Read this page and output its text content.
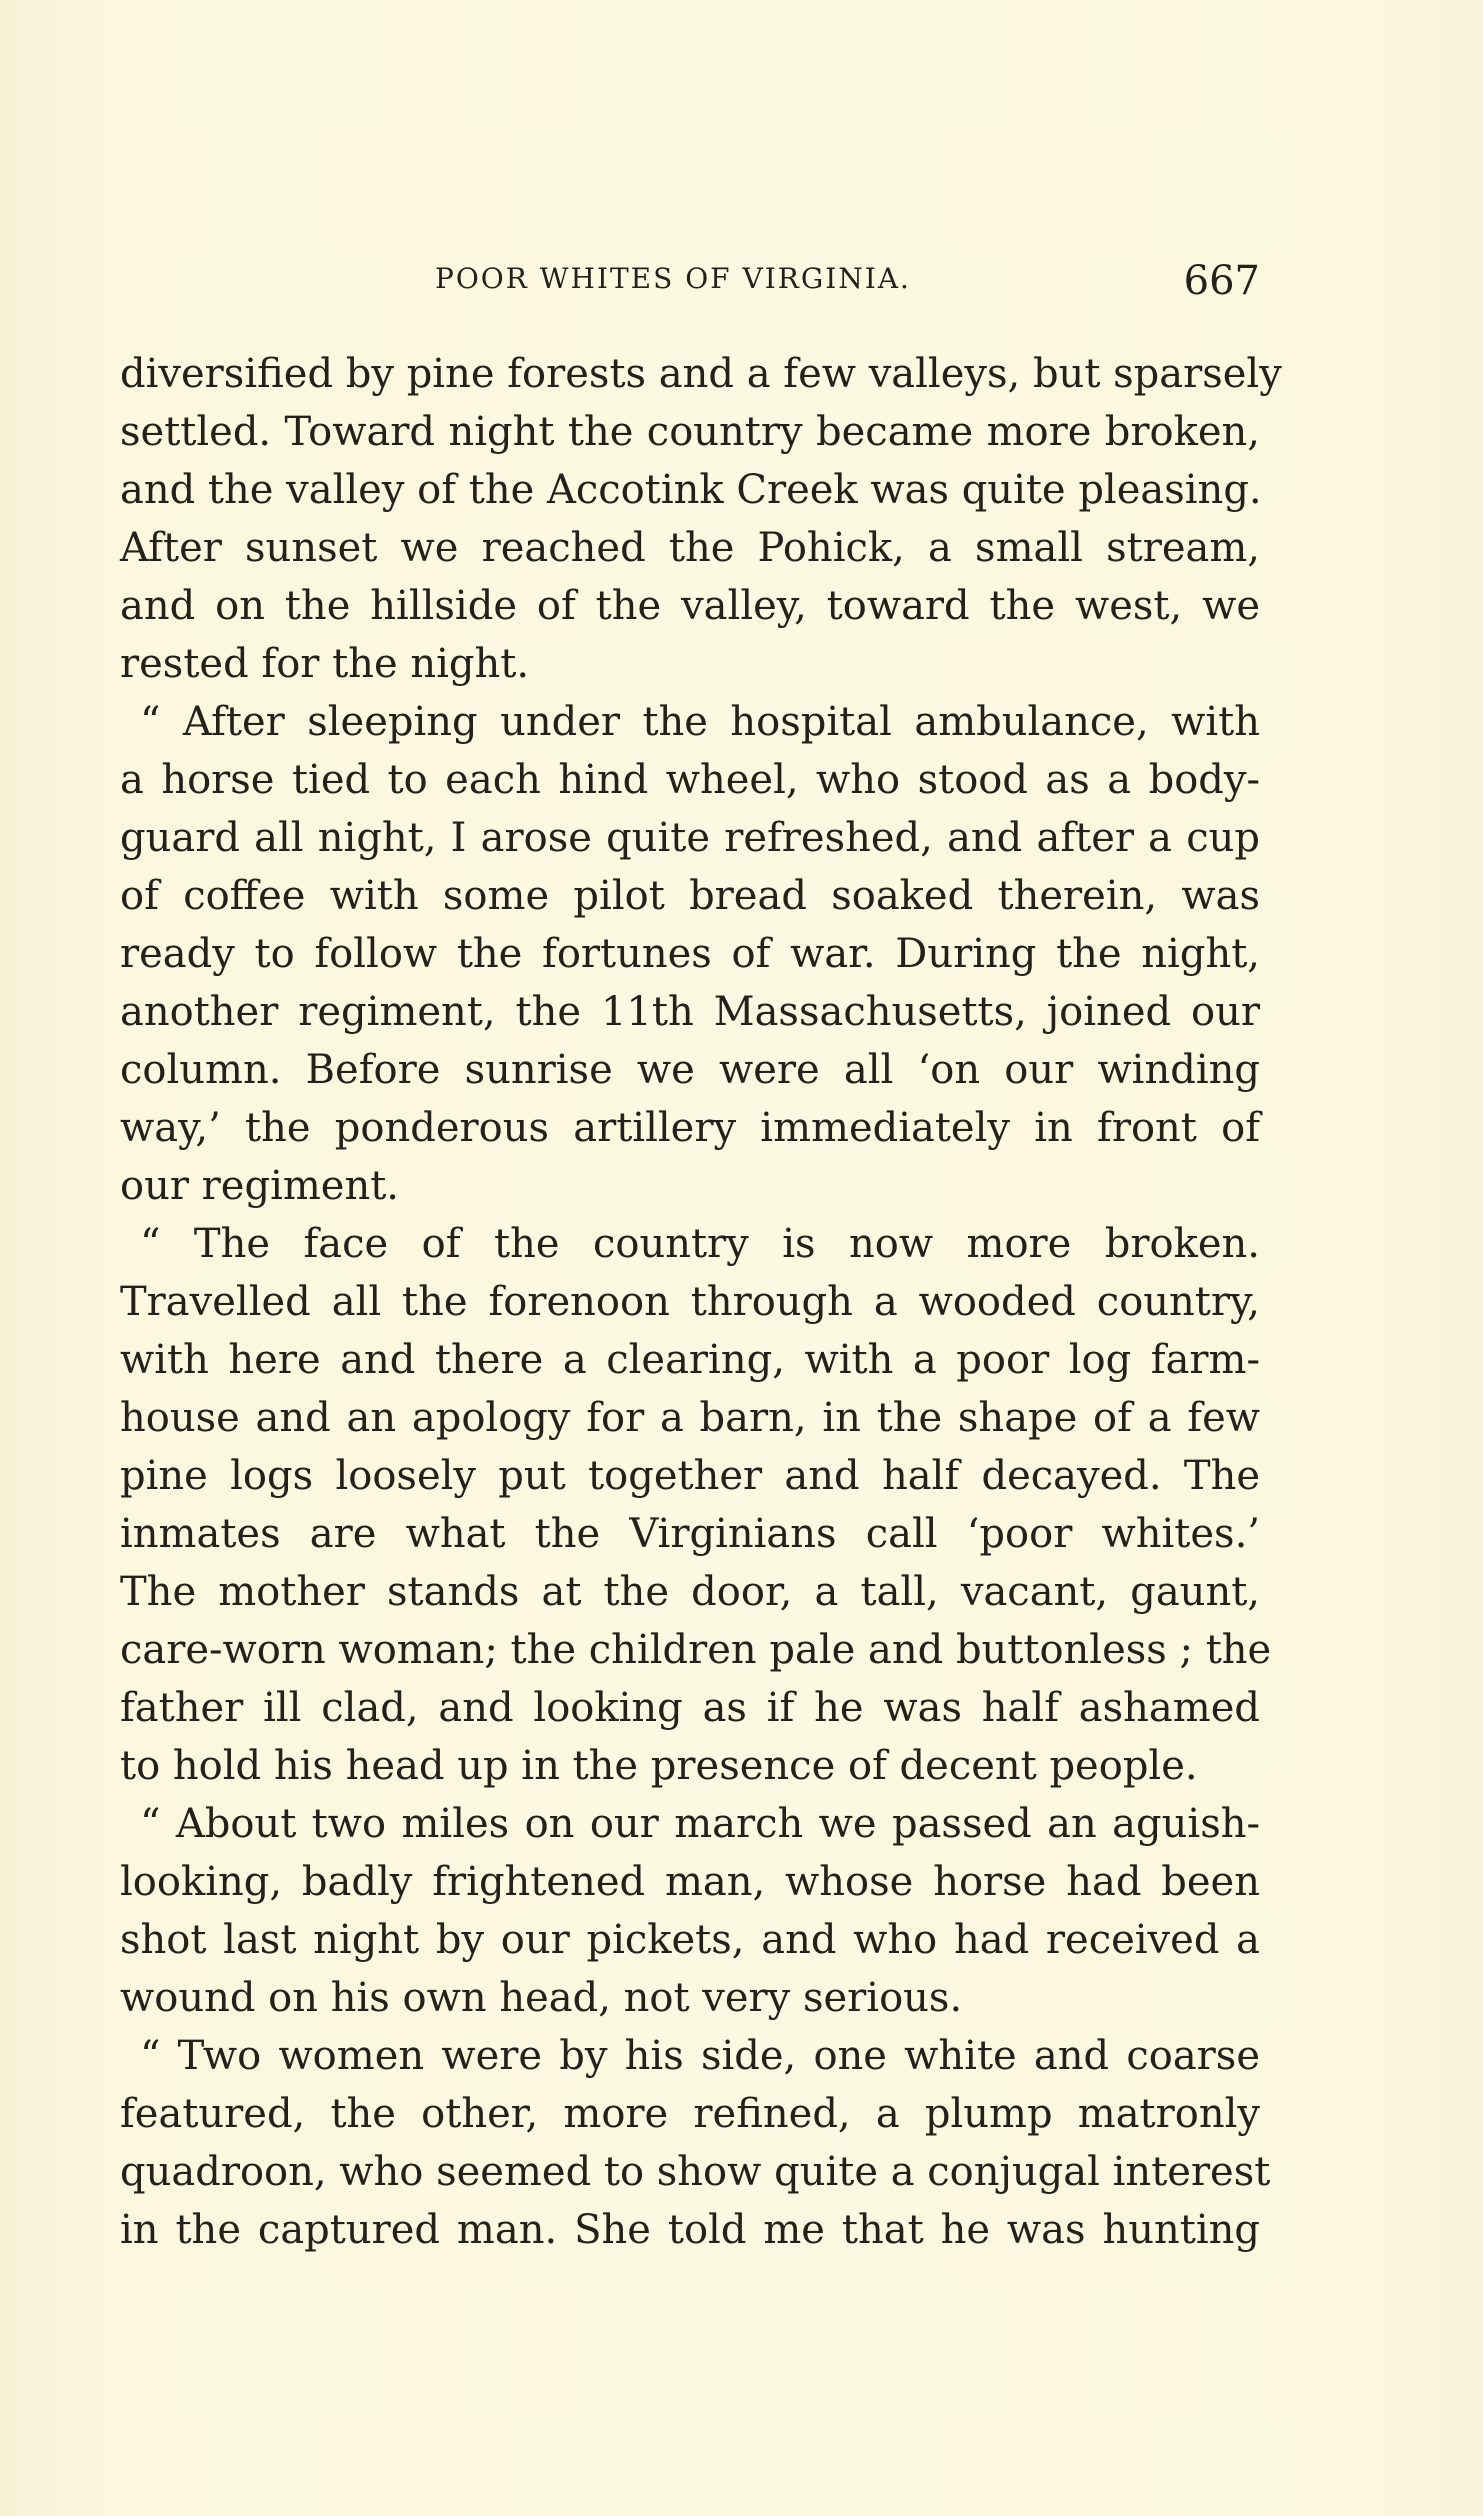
POOR WHITES OF VIRGINIA.	667
diversified by pine forests and a few valleys, but sparsely
settled. Toward night the country became more broken,
and the valley of the Accotink Creek was quite pleasing.
After sunset we reached the Pohick, a small stream,
and on the hillside of the valley, toward the west, we
rested for the night.
“ After sleeping under the hospital ambulance, with
a horse tied to each hind wheel, who stood as a body-
guard all night, I arose quite refreshed, and after a cup
of coffee with some pilot bread soaked therein, was
ready to follow the fortunes of war. During the night,
another regiment, the 11th Massachusetts, joined our
column. Before sunrise we were all ‘on our winding
way,’ the ponderous artillery immediately in front of
our regiment.
“ The face of the country is now more broken.
Travelled all the forenoon through a wooded country,
with here and there a clearing, with a poor log farm-
house and an apology for a barn, in the shape of a few
pine logs loosely put together and half decayed. The
inmates are what the Virginians call ‘poor whites.’
The mother stands at the door, a tall, vacant, gaunt,
care-worn woman; the children pale and buttonless ; the
father ill clad, and looking as if he was half ashamed
to hold his head up in the presence of decent people.
“ About two miles on our march we passed an aguish-
looking, badly frightened man, whose horse had been
shot last night by our pickets, and who had received a
wound on his own head, not very serious.
“ Two women were by his side, one white and coarse
featured, the other, more refined, a plump matronly
quadroon, who seemed to show quite a conjugal interest
in the captured man. She told me that he was hunting
